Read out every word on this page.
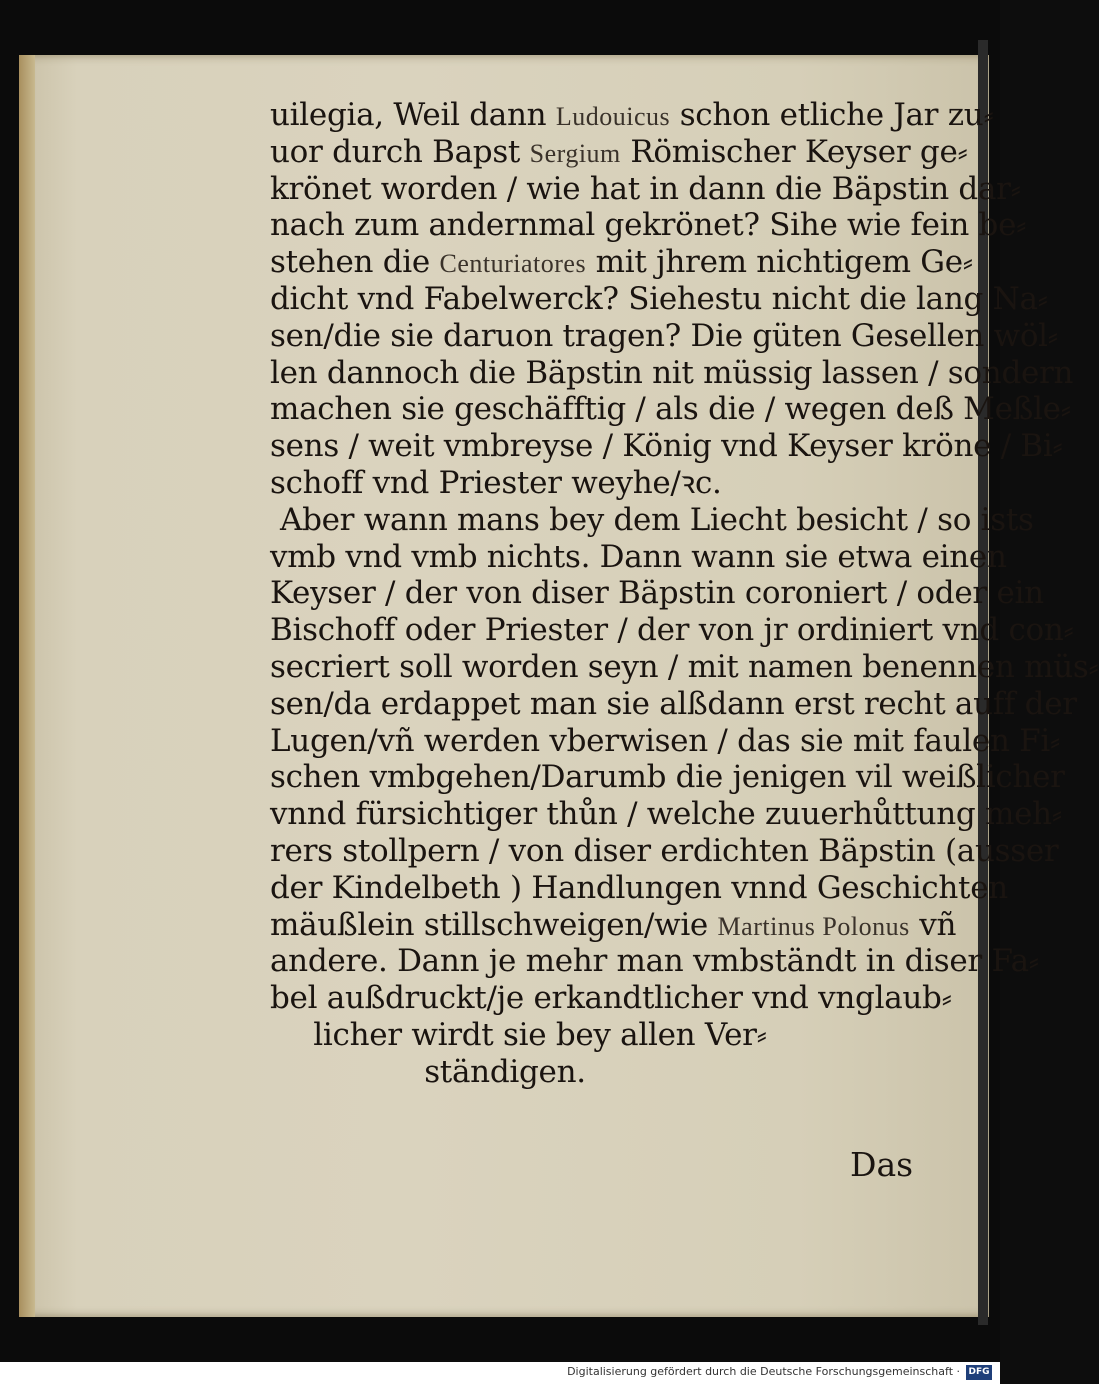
uilegia, Weil dann Ludouicus schon etliche Jar zu⸗
uor durch Bapst Sergium Römischer Keyser ge⸗
krönet worden / wie hat in dann die Bäpstin dar⸗
nach zum andernmal gekrönet? Sihe wie fein be⸗
stehen die Centuriatores mit jhrem nichtigem Ge⸗
dicht vnd Fabelwerck? Siehestu nicht die lang Na⸗
sen/die sie daruon tragen? Die güten Gesellen wöl⸗
len dannoch die Bäpstin nit müssig lassen / sondern
machen sie geschäfftig / als die / wegen deß Meßle⸗
sens / weit vmbreyse / König vnd Keyser kröne / Bi⸗
schoff vnd Priester weyhe/ꝛc.
Aber wann mans bey dem Liecht besicht / so ists
vmb vnd vmb nichts. Dann wann sie etwa einen
Keyser / der von diser Bäpstin coroniert / oder ein
Bischoff oder Priester / der von jr ordiniert vnd con⸗
secriert soll worden seyn / mit namen benennen müs⸗
sen/da erdappet man sie alßdann erst recht auff der
Lugen/vñ werden vberwisen / das sie mit faulen Fi⸗
schen vmbgehen/Darumb die jenigen vil weißlicher
vnnd fürsichtiger thůn / welche zuuerhůttung meh⸗
rers stollpern / von diser erdichten Bäpstin (ausser
der Kindelbeth ) Handlungen vnnd Geschichten
mäußlein stillschweigen/wie Martinus Polonus vñ
andere. Dann je mehr man vmbständt in diser Fa⸗
bel außdruckt/je erkandtlicher vnd vnglaub⸗
licher wirdt sie bey allen Ver⸗
ständigen.
Das
Digitalisierung gefördert durch die Deutsche Forschungsgemeinschaft · DFG
